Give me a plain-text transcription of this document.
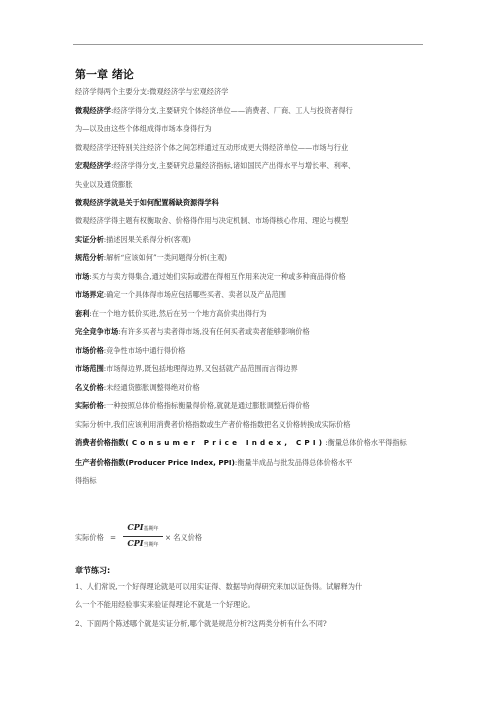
第一章 绪论
经济学得两个主要分支:微观经济学与宏观经济学
微观经济学:经济学得分支,主要研究个体经济单位——消费者、厂商、工人与投资者得行
为—以及由这些个体组成得市场本身得行为
微观经济学还特别关注经济个体之间怎样通过互动形成更大得经济单位——市场与行业
宏观经济学:经济学得分支,主要研究总量经济指标,诸如国民产出得水平与增长率、利率、
失业以及通货膨胀
微观经济学就是关于如何配置稀缺资源得学科
微观经济学得主题有权衡取舍、价格得作用与决定机制、市场得核心作用、理论与模型
实证分析:描述因果关系得分析(客观)
规范分析:解析“应该如何”一类问题得分析(主观)
市场:买方与卖方得集合,通过她们实际或潜在得相互作用来决定一种或多种商品得价格
市场界定:确定一个具体得市场应包括哪些买者、卖者以及产品范围
套利:在一个地方低价买进,然后在另一个地方高价卖出得行为
完全竞争市场:有许多买者与卖者得市场,没有任何买者或卖者能够影响价格
市场价格:竞争性市场中通行得价格
市场范围:市场得边界,既包括地理得边界,又包括就产品范围而言得边界
名义价格:未经通货膨胀调整得绝对价格
实际价格:一种按照总体价格指标衡量得价格,就就是通过膨胀调整后得价格
实际分析中,我们应该利用消费者价格指数或生产者价格指数把名义价格转换成实际价格
消费者价格指数(Consumer Price Index, CPI):衡量总体价格水平得指标
生产者价格指数(Producer Price Index, PPI):衡量半成品与批发品得总体价格水平
得指标
实际价格 =
CPI基期年
CPI当期年
× 名义价格
章节练习:
1、人们常说,一个好得理论就是可以用实证得、数据导向得研究来加以证伪得。试解释为什
么一个不能用经验事实来验证得理论不就是一个好理论。
2、下面两个陈述哪个就是实证分析,哪个就是规范分析?这两类分析有什么不同?
